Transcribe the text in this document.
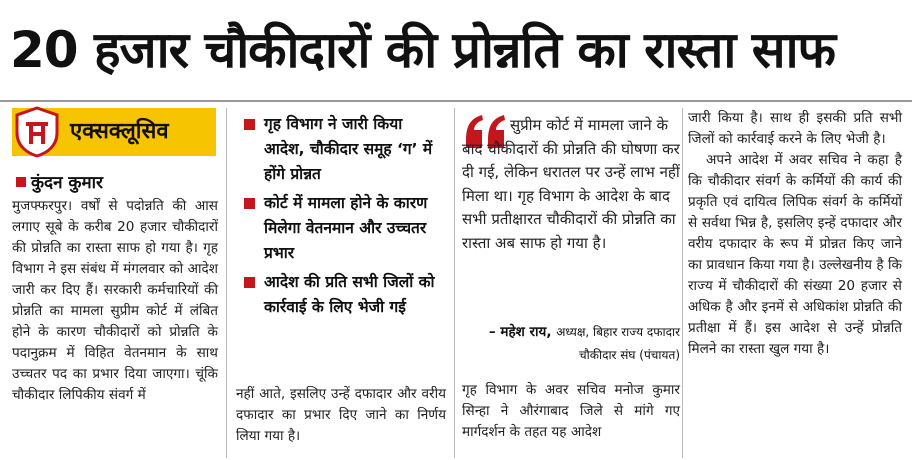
20 हजार चौकीदारों की प्रोन्नति का रास्ता साफ
एक्सक्लूसिव
कुंदन कुमार
मुजफ्फरपुर। वर्षों से पदोन्नति की आस लगाए सूबे के करीब 20 हजार चौकीदारों की प्रोन्नति का रास्ता साफ हो गया है। गृह विभाग ने इस संबंध में मंगलवार को आदेश जारी कर दिए हैं। सरकारी कर्मचारियों की प्रोन्नति का मामला सुप्रीम कोर्ट में लंबित होने के कारण चौकीदारों को प्रोन्नति के पदानुक्रम में विहित वेतनमान के साथ उच्चतर पद का प्रभार दिया जाएगा। चूंकि चौकीदार लिपिकीय संवर्ग में
गृह विभाग ने जारी किया आदेश, चौकीदार समूह ‘ग’ में होंगे प्रोन्नत
कोर्ट में मामला होने के कारण मिलेगा वेतनमान और उच्चतर प्रभार
आदेश की प्रति सभी जिलों को कार्रवाई के लिए भेजी गई
नहीं आते, इसलिए उन्हें दफादार और वरीय दफादार का प्रभार दिए जाने का निर्णय लिया गया है।
सुप्रीम कोर्ट में मामला जाने के बाद चौकीदारों की प्रोन्नति की घोषणा कर दी गई, लेकिन धरातल पर उन्हें लाभ नहीं मिला था। गृह विभाग के आदेश के बाद सभी प्रतीक्षारत चौकीदारों की प्रोन्नति का रास्ता अब साफ हो गया है।
– महेश राय, अध्यक्ष, बिहार राज्य दफादार
चौकीदार संघ (पंचायत)
गृह विभाग के अवर सचिव मनोज कुमार सिन्हा ने औरंगाबाद जिले से मांगे गए मार्गदर्शन के तहत यह आदेश

जारी किया है। साथ ही इसकी प्रति सभी जिलों को कार्रवाई करने के लिए भेजी है।

अपने आदेश में अवर सचिव ने कहा है कि चौकीदार संवर्ग के कर्मियों की कार्य की प्रकृति एवं दायित्व लिपिक संवर्ग के कर्मियों से सर्वथा भिन्न है, इसलिए इन्हें दफादार और वरीय दफादार के रूप में प्रोन्नत किए जाने का प्रावधान किया गया है। उल्लेखनीय है कि राज्य में चौकीदारों की संख्या 20 हजार से अधिक है और इनमें से अधिकांश प्रोन्नति की प्रतीक्षा में हैं। इस आदेश से उन्हें प्रोन्नति मिलने का रास्ता खुल गया है।
